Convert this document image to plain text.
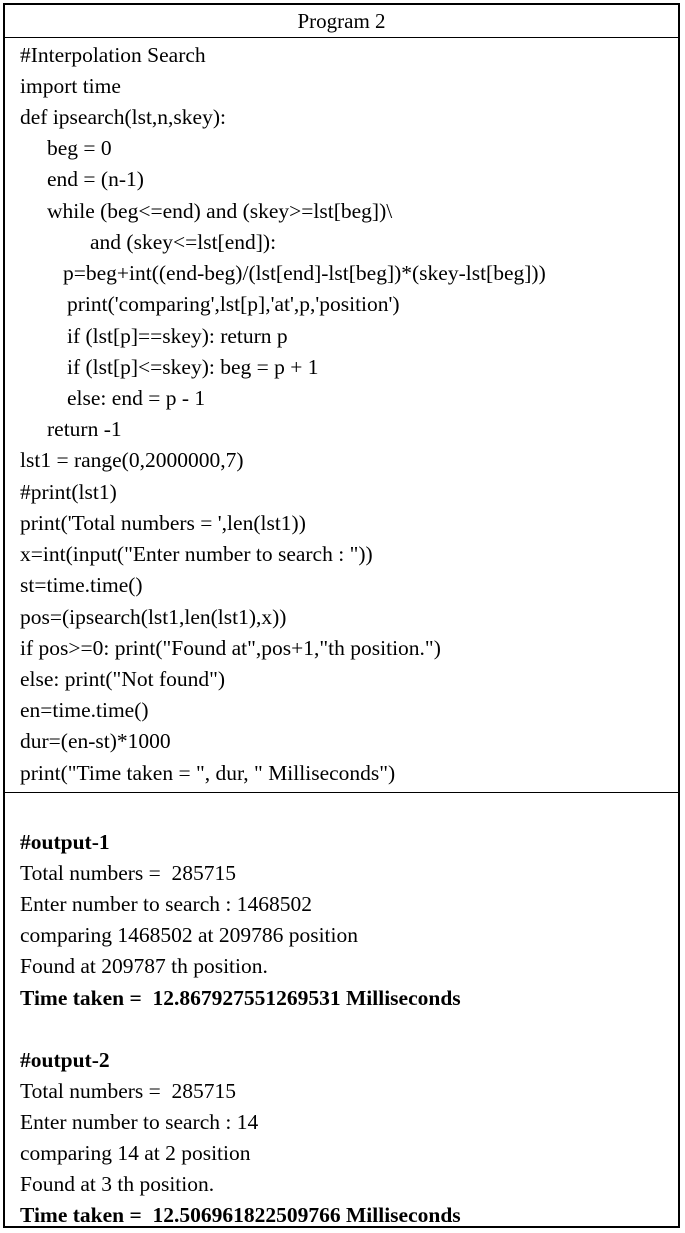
Program 2
#Interpolation Search
import time
def ipsearch(lst,n,skey):
beg = 0
end = (n-1)
while (beg<=end) and (skey>=lst[beg])\
and (skey<=lst[end]):
p=beg+int((end-beg)/(lst[end]-lst[beg])*(skey-lst[beg]))
print('comparing',lst[p],'at',p,'position')
if (lst[p]==skey): return p
if (lst[p]<=skey): beg = p + 1
else: end = p - 1
return -1
lst1 = range(0,2000000,7)
#print(lst1)
print('Total numbers = ',len(lst1))
x=int(input("Enter number to search : "))
st=time.time()
pos=(ipsearch(lst1,len(lst1),x))
if pos>=0: print("Found at",pos+1,"th position.")
else: print("Not found")
en=time.time()
dur=(en-st)*1000
print("Time taken = ", dur, " Milliseconds")
#output-1
Total numbers =  285715
Enter number to search : 1468502
comparing 1468502 at 209786 position
Found at 209787 th position.
Time taken =  12.867927551269531 Milliseconds
#output-2
Total numbers =  285715
Enter number to search : 14
comparing 14 at 2 position
Found at 3 th position.
Time taken =  12.506961822509766 Milliseconds
